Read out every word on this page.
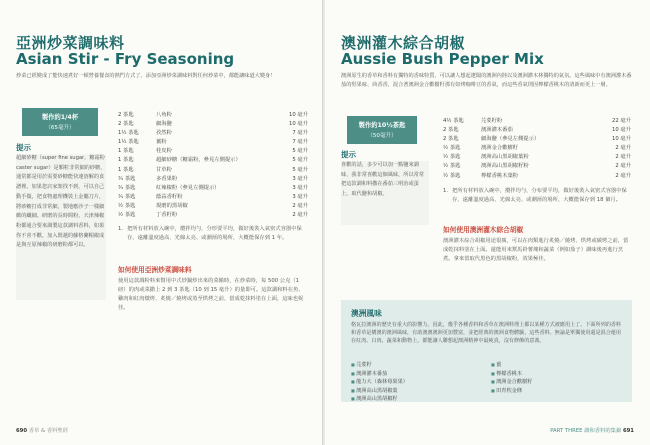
亞洲炒菜調味料
Asian Stir - Fry Seasoning
炒菜已經變成了能快速煮好一頓營養餐食的熱門方式了，添加亞洲炒菜調味料對任何炒菜中，都能讓味道大變身！
製作約1/4杯
（65毫升）
提示
超細砂糖（super fine sugar，糖霜粉 caster sugar）是顆粒非常細的砂糖，通常都是用於需要砂糖能快速溶解的食譜裡。如果您店家架找不到，可以自己動手做，把食物處理機裝上金屬刀片，將砂糖打成非常細，製地應沙子一樣細緻的纖細。研磨的長時間粉，天津辣椒粉都通合要來調製這款調料香料，如果你不喜不歡，加入既越的蘇格蘭帽椒成是與互原辣椒的研磨粉都可以。
2 茶匙	八角粉	10 毫升
2 茶匙	細海鹽	10 毫升
1½ 茶匙	孜然粉	7 毫升
1½ 茶匙	薑粉	7 毫升
1 茶匙	桂皮粉	5 毫升
1 茶匙	超細砂糖（糖霜粉，參見左側提示）	5 毫升
1 茶匙	甘草粉	5 毫升
¾ 茶匙	多香果粉	3 毫升
¾ 茶匙	紅辣椒粉（參見左側提示）	3 毫升
¾ 茶匙	蔭蒜香籽粉	3 毫升
½ 茶匙	現磨的黑胡椒	2 毫升
½ 茶匙	丁香籽粉	2 毫升
1. 把所有材料放入碗中，攪拌均勻，分形要平均，做好後裝入氣密式容器中保存，遠離溫度過高、光線太亮、或潮溼的場所，大概能保存到 1 年。
如何使用亞洲炒菜調味料
使用這款調粉料來幫用中式炒鍋炒出來的菜餚時，在炒菜時，每 500 公克（1 磅）的肉或菜撒上 2 到 3 茶匙（10 到 15 毫升）的量即可。這款調和料在魚、雞肉和紅肉燉烤、炙燒／燒烤或蒸至烘烤之前，當成乾抹料塗在上面，這味也妮佳。
690 香草 & 香料聖經
澳洲灌木綜合胡椒
Aussie Bush Pepper Mix
澳洲原生的香草和香料有獨特的香味特質，可以讓人想起遼闊的澳洲內陸以及澳洲灌木林獨特的氣氛。這些風味中有澳洲灌木番茄的堅果味、茴香香，混合著澳洲金合歡樹籽那有如烤咖啡豆的香氣，而這些香氣則因檸檬香桃木的清新而更上一層。
製作約10½茶匙
（50毫升）
提示
喜歡的話，多少可以加一點鹽來調味，我非常喜歡這個風味，所以常常把這款調和料撒在番茄三明治或蛋上，取代鹽和胡椒。
4½ 茶匙	芫荽籽粉	22 毫升
2 茶匙	澳洲灌木番茄	10 毫升
2 茶匙	細海鹽（參見左側提示）	10 毫升
½ 茶匙	澳洲金合歡樹籽	2 毫升
½ 茶匙	澳洲高山黑胡椒葉粉	2 毫升
½ 茶匙	澳洲高山黑胡椒籽粉	2 毫升
½ 茶匙	檸檬香桃木葉粉	2 毫升
1. 把所有材料放入碗中，攪拌均勻，分布要平均，做好後裝入氣密式容器中保存，遠離溫度過高、光線太亮、或潮溼的場所，大概能保存到 18 個月。
如何使用澳洲灌木綜合胡椒
澳洲灌木綜合胡椒用途很廣，可以在肉類進行炙燒／燒烤、烘烤或碳烤之前，當成乾抹料塗在上面。還能用來幫馬鈴薯塊和蔬菜（例如茄子）調味後再進行烹煮。拿來當取代黑色的黑胡椒粉，效果極佳。
澳洲風味
格瓦拉澳洲的歷史有重大的影響力，因此，幾乎各種香料和香草在澳洲料理上都以某種方式被應用上了。下面所列的香料和香草是構澳的澳洲風味，有助澳澳澳洲更加豐富，並把經典的澳洲食物體驗，這些香料、無論是單獨使用還是混合運用在紅肉、白肉、蔬菜和動物上，都能讓人聯想起澳洲精神中最純真，沒有修飾的意義。
■ 芫荽籽
■ 澳洲灌木番茄
■ 龍力大（森林莓果果）
■ 澳洲高山黑胡椒葉
■ 澳洲高山黑胡椒籽
■ 薑
■ 檸檬香桃木
■ 澳洲金合歡樹籽
■ 田青枕金條
PART THREE 調和香料的集錦 691
